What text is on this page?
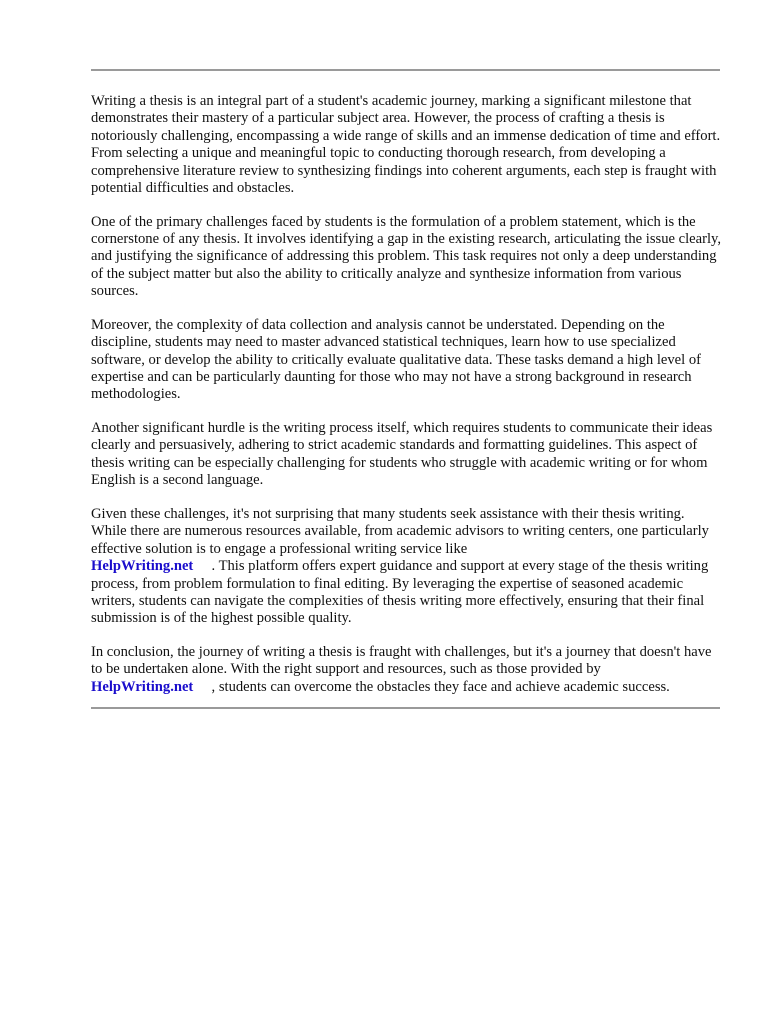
Writing a thesis is an integral part of a student's academic journey, marking a significant milestone that demonstrates their mastery of a particular subject area. However, the process of crafting a thesis is notoriously challenging, encompassing a wide range of skills and an immense dedication of time and effort. From selecting a unique and meaningful topic to conducting thorough research, from developing a comprehensive literature review to synthesizing findings into coherent arguments, each step is fraught with potential difficulties and obstacles.

One of the primary challenges faced by students is the formulation of a problem statement, which is the cornerstone of any thesis. It involves identifying a gap in the existing research, articulating the issue clearly, and justifying the significance of addressing this problem. This task requires not only a deep understanding of the subject matter but also the ability to critically analyze and synthesize information from various sources.

Moreover, the complexity of data collection and analysis cannot be understated. Depending on the discipline, students may need to master advanced statistical techniques, learn how to use specialized software, or develop the ability to critically evaluate qualitative data. These tasks demand a high level of expertise and can be particularly daunting for those who may not have a strong background in research methodologies.

Another significant hurdle is the writing process itself, which requires students to communicate their ideas clearly and persuasively, adhering to strict academic standards and formatting guidelines. This aspect of thesis writing can be especially challenging for students who struggle with academic writing or for whom English is a second language.

Given these challenges, it's not surprising that many students seek assistance with their thesis writing. While there are numerous resources available, from academic advisors to writing centers, one particularly effective solution is to engage a professional writing service like
HelpWriting.net . This platform offers expert guidance and support at every stage of the thesis writing process, from problem formulation to final editing. By leveraging the expertise of seasoned academic writers, students can navigate the complexities of thesis writing more effectively, ensuring that their final submission is of the highest possible quality.

In conclusion, the journey of writing a thesis is fraught with challenges, but it's a journey that doesn't have to be undertaken alone. With the right support and resources, such as those provided by
HelpWriting.net , students can overcome the obstacles they face and achieve academic success.
